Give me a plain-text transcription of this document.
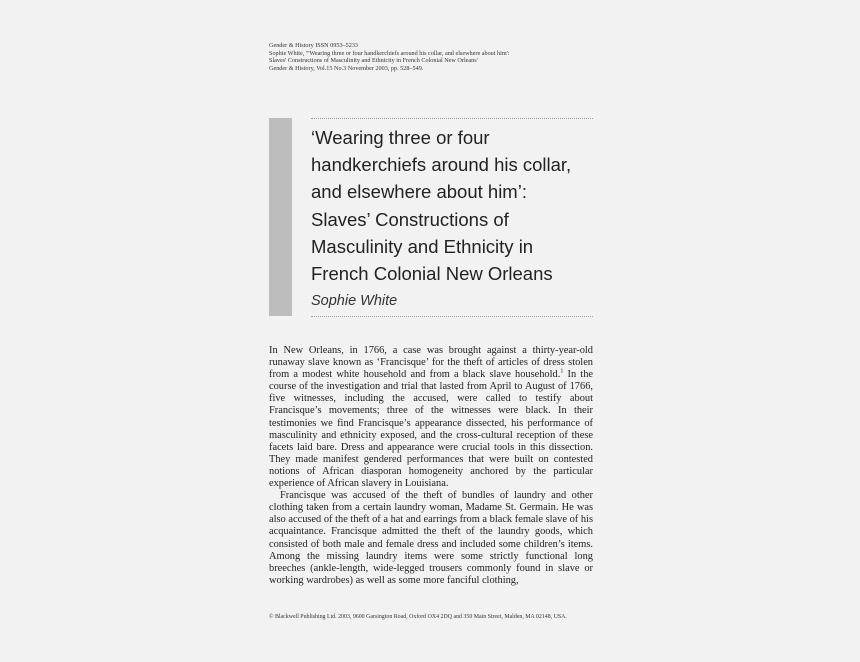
Gender & History ISSN 0953–5233
Sophie White, "'Wearing three or four handkerchiefs around his collar, and elsewhere about him':
Slaves' Constructions of Masculinity and Ethnicity in French Colonial New Orleans'
Gender & History, Vol.15 No.3 November 2003, pp. 528–549.
‘Wearing three or four
handkerchiefs around his collar,
and elsewhere about him’:
Slaves’ Constructions of
Masculinity and Ethnicity in
French Colonial New Orleans
Sophie White

In New Orleans, in 1766, a case was brought against a thirty-year-old runaway slave known as ‘Francisque’ for the theft of articles of dress stolen from a modest white household and from a black slave household.$^1$ In the course of the investigation and trial that lasted from April to August of 1766, five witnesses, including the accused, were called to testify about Francisque’s movements; three of the witnesses were black. In their testimonies we find Francisque’s appearance dissected, his performance of masculinity and ethnicity exposed, and the cross-cultural reception of these facets laid bare. Dress and appearance were crucial tools in this dissection. They made manifest gendered performances that were built on contested notions of African diasporan homogeneity anchored by the particular experience of African slavery in Louisiana.

Francisque was accused of the theft of bundles of laundry and other clothing taken from a certain laundry woman, Madame St. Germain. He was also accused of the theft of a hat and earrings from a black female slave of his acquaintance. Francisque admitted the theft of the laundry goods, which consisted of both male and female dress and included some children’s items. Among the missing laundry items were some strictly functional long breeches (ankle-length, wide-legged trousers commonly found in slave or working wardrobes) as well as some more fanciful clothing,

© Blackwell Publishing Ltd. 2003, 9600 Garsington Road, Oxford OX4 2DQ and 350 Main Street, Malden, MA 02148, USA.
